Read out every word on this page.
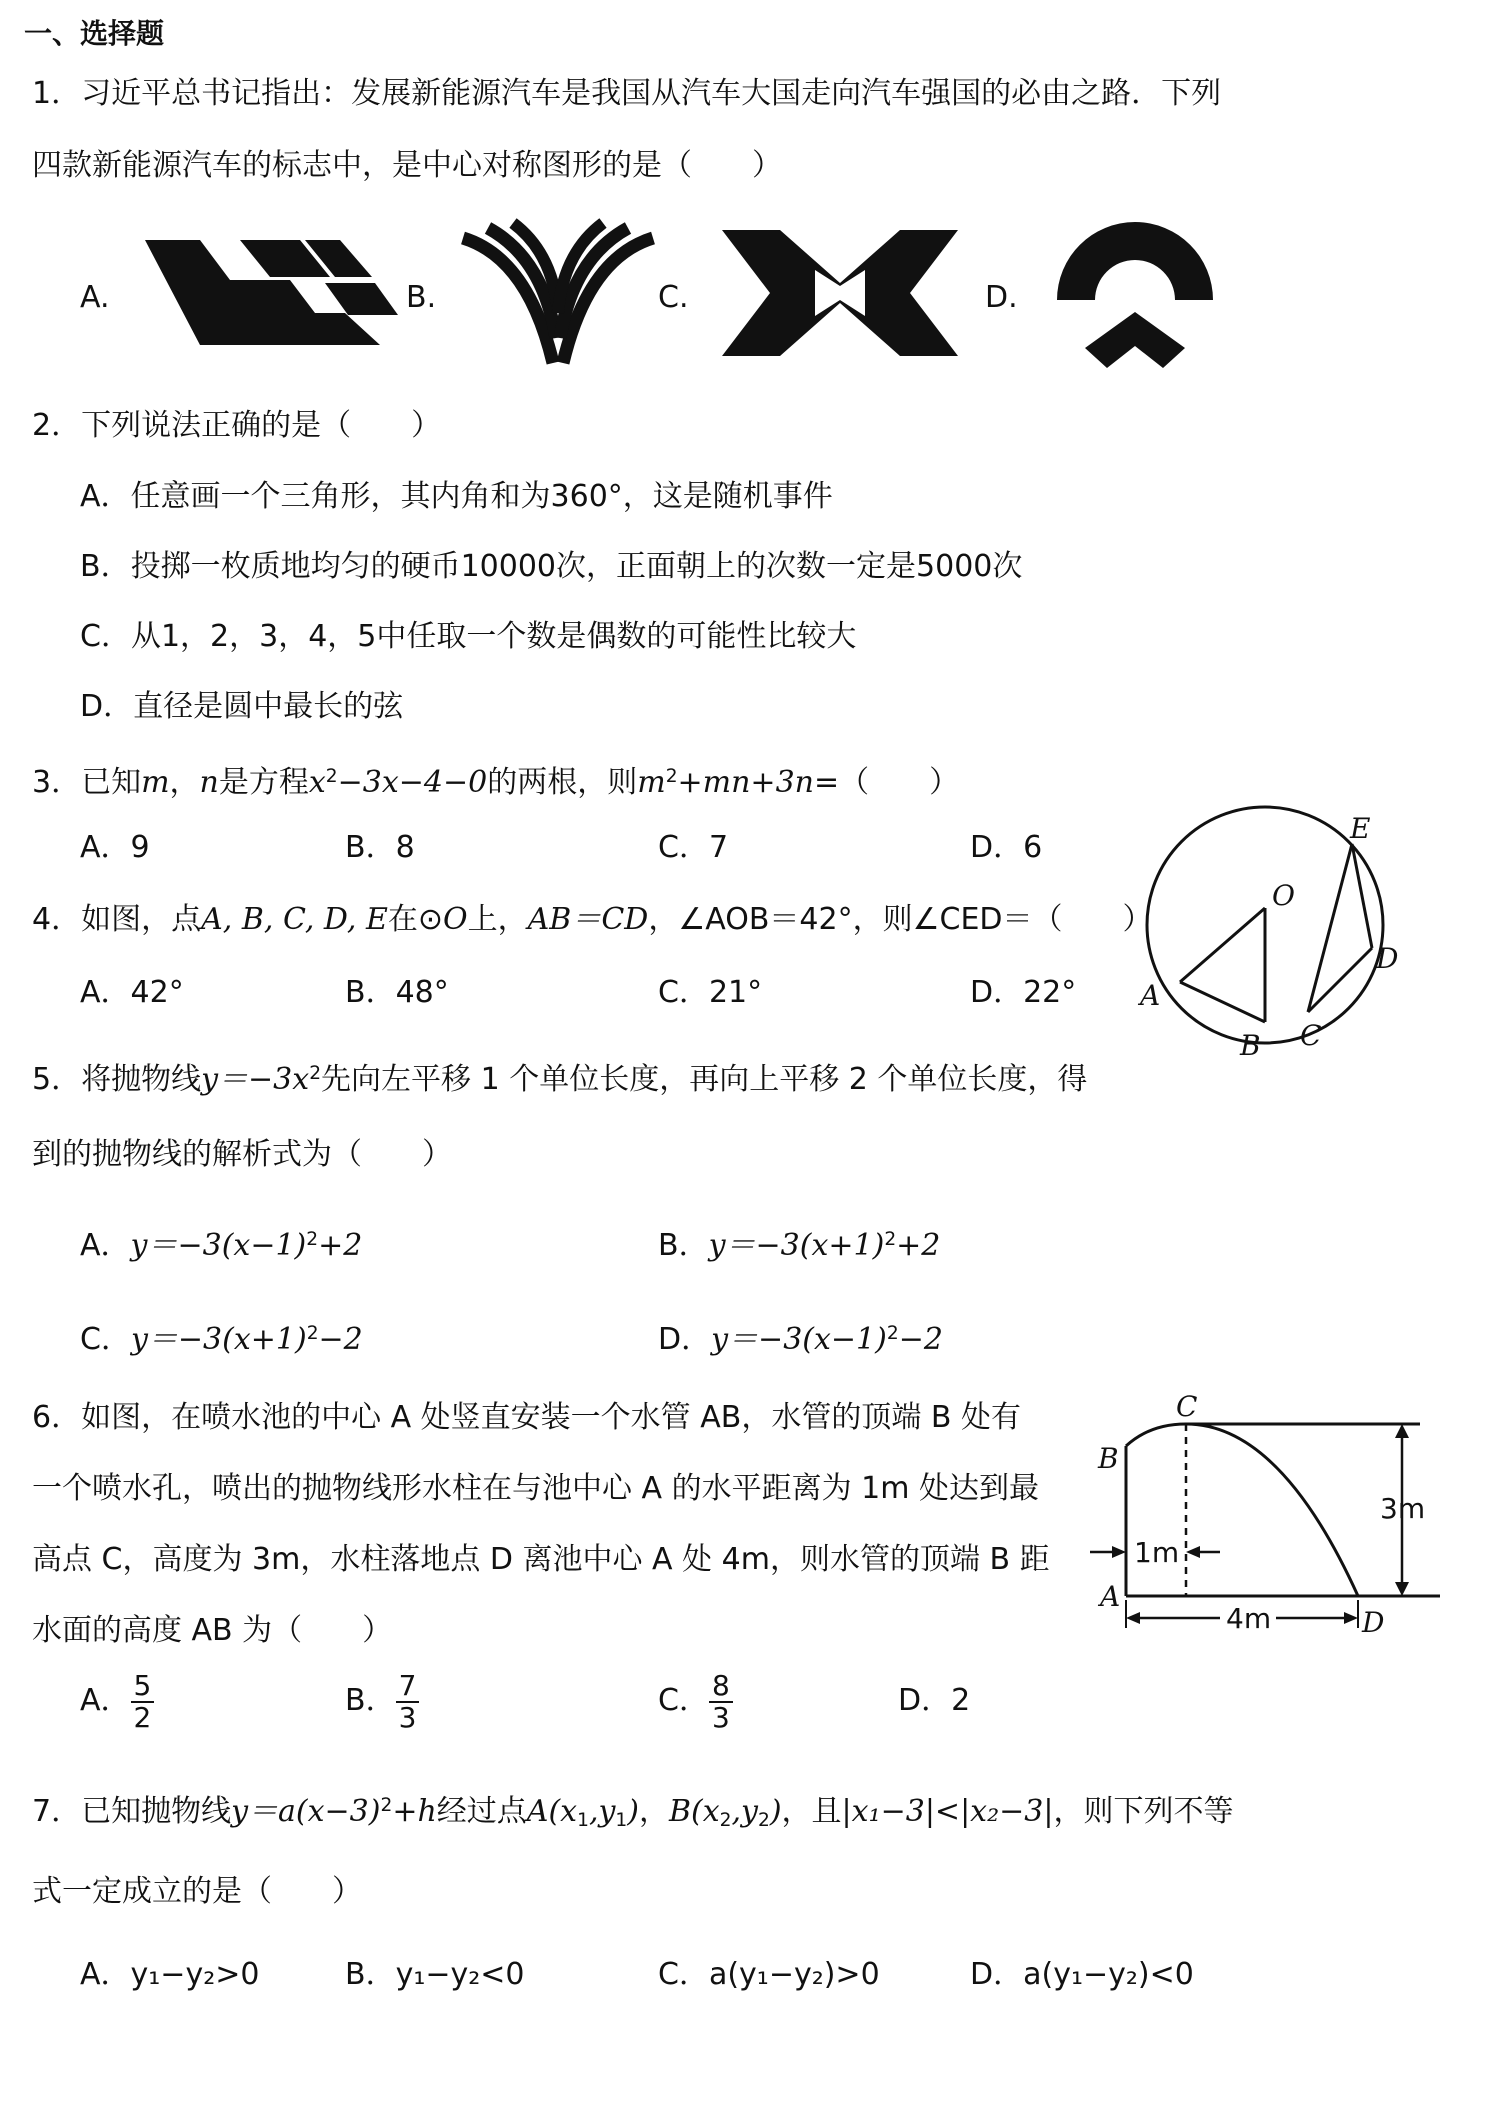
一、选择题
1．习近平总书记指出：发展新能源汽车是我国从汽车大国走向汽车强国的必由之路．下列
四款新能源汽车的标志中，是中心对称图形的是（　　）
A.	B.	C.	D.
2．下列说法正确的是（　　）
A．任意画一个三角形，其内角和为360°，这是随机事件
B．投掷一枚质地均匀的硬币10000次，正面朝上的次数一定是5000次
C．从1，2，3，4，5中任取一个数是偶数的可能性比较大
D．直径是圆中最长的弦
3．已知m，n是方程$x^2-3x-4-0$的两根，则$m^2+mn+3n=$（　　）
A．9	B．8	C．7	D．6
4．如图，点A, B, C, D, E在⊙O上，AB＝CD，∠AOB＝42°，则∠CED＝（　　）
A．42°	B．48°	C．21°	D．22°
O
E
D
C
B
A
5．将抛物线$y=-3x^2$先向左平移 1 个单位长度，再向上平移 2 个单位长度，得
到的抛物线的解析式为（　　）
A．$y=-3(x-1)^2+2$	B．$y=-3(x+1)^2+2$
C．$y=-3(x+1)^2-2$	D．$y=-3(x-1)^2-2$
6．如图，在喷水池的中心 A 处竖直安装一个水管 AB，水管的顶端 B 处有
一个喷水孔，喷出的抛物线形水柱在与池中心 A 的水平距离为 1m 处达到最
高点 C，高度为 3m，水柱落地点 D 离池中心 A 处 4m，则水管的顶端 B 距
水面的高度 AB 为（　　）
A． $\frac{5}{2}$	B． $\frac{7}{3}$	C． $\frac{8}{3}$	D．2
C
B
A
D
3m
1m
4m
7．已知抛物线$y=a(x-3)^2+h$经过点A(x1,y1)，B(x2,y2)，且|x₁−3|<|x₂−3|，则下列不等
式一定成立的是（　　）
A．y₁−y₂>0	B．y₁−y₂<0	C．a(y₁−y₂)>0	D．a(y₁−y₂)<0
